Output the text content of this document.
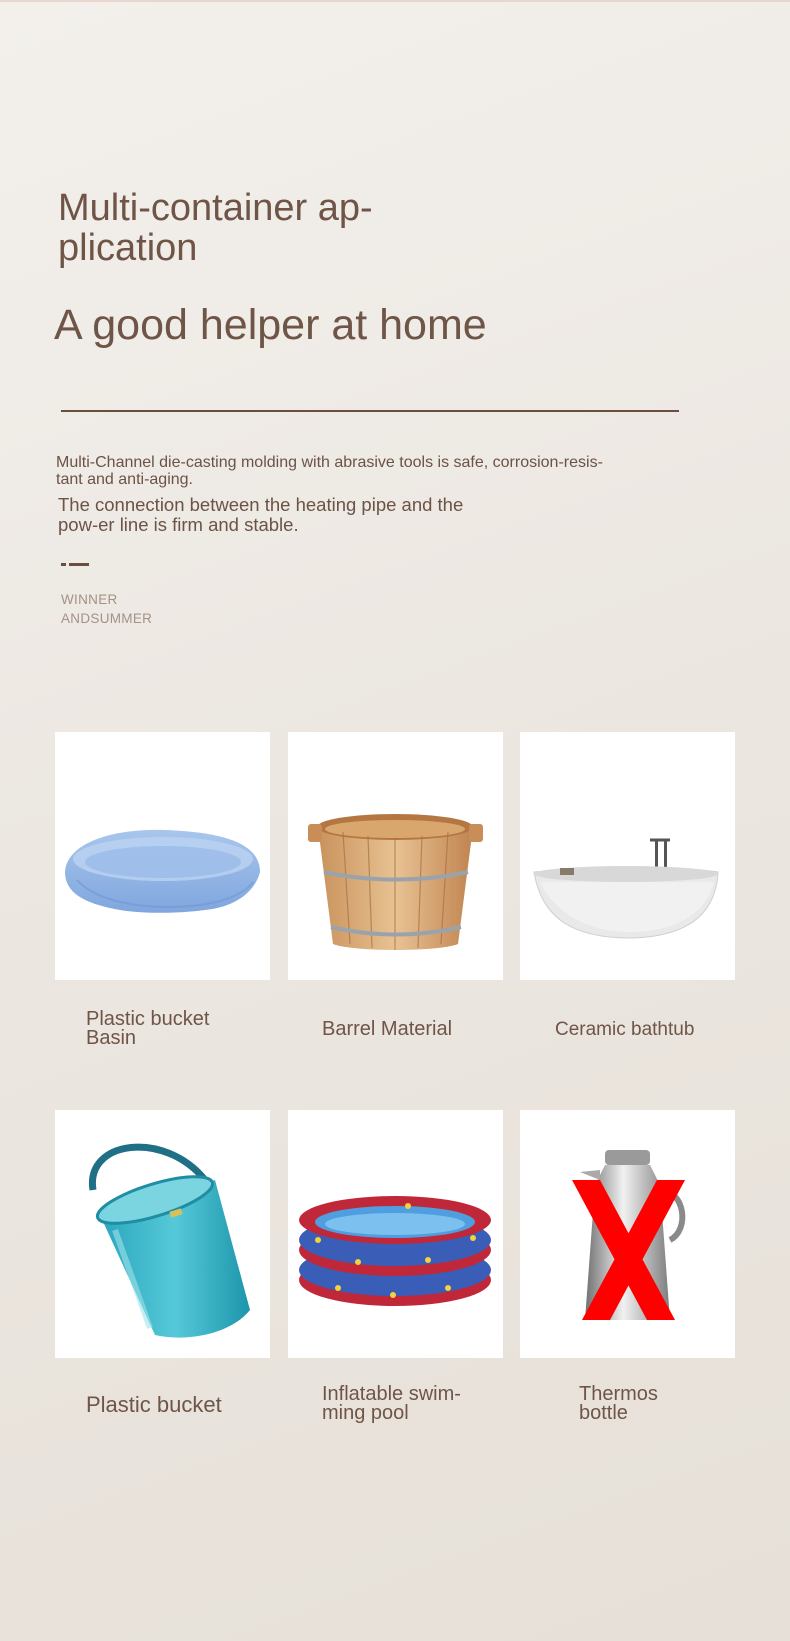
Multi-container ap-plication
A good helper at home
Multi-Channel die-casting molding with abrasive tools is safe, corrosion-resis-tant and anti-aging.
The connection between the heating pipe and the pow-er line is firm and stable.
WINNER
ANDSUMMER
Plastic bucket Basin	Barrel Material	Ceramic bathtub
Plastic bucket	Inflatable swim-ming pool
Thermos bottle
